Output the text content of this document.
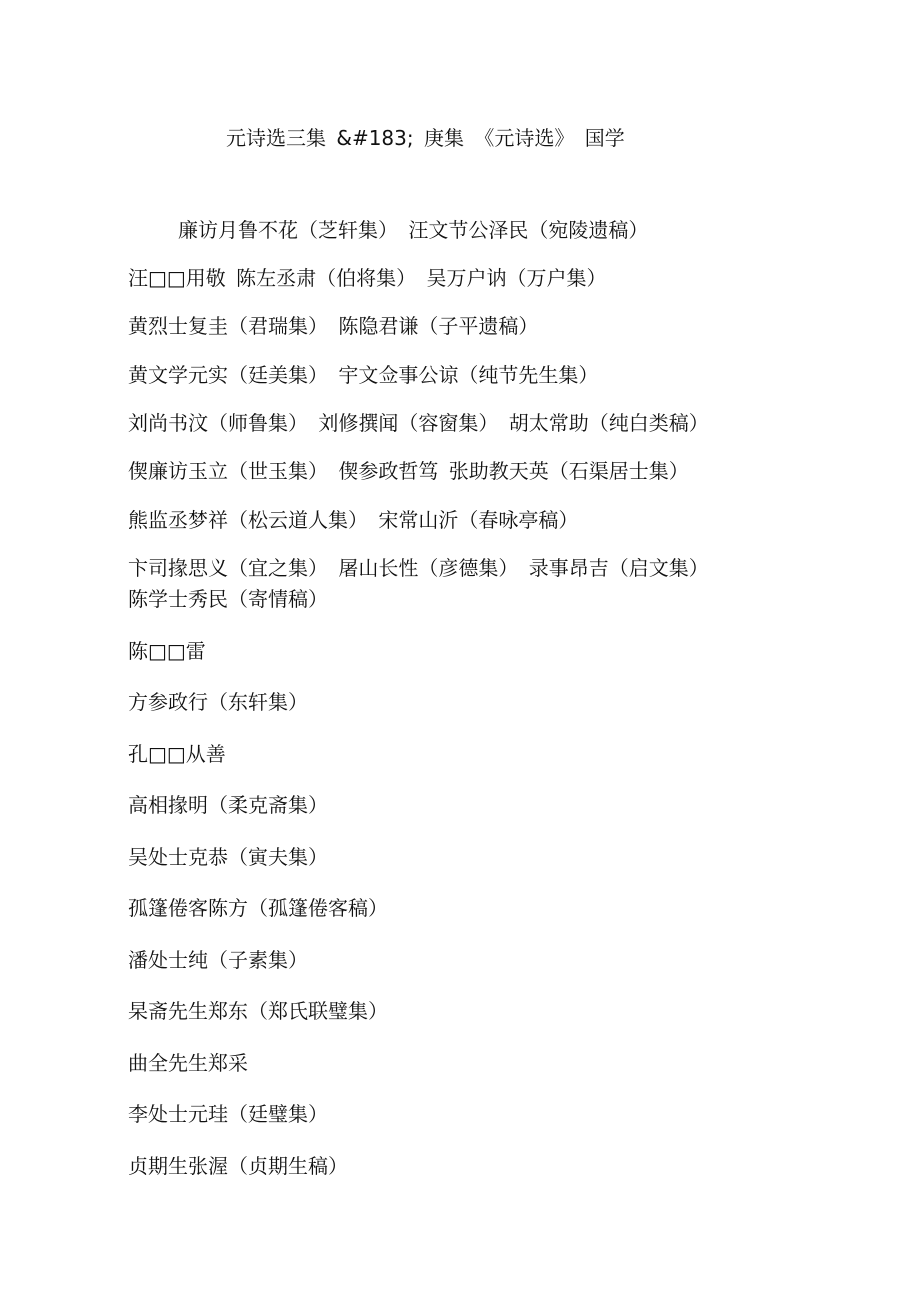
元诗选三集 &#183; 庚集 《元诗选》 国学
廉访月鲁不花（芝轩集） 汪文节公泽民（宛陵遗稿）
汪□□用敬 陈左丞肃（伯将集） 吴万户讷（万户集）
黄烈士复圭（君瑞集） 陈隐君谦（子平遗稿）
黄文学元实（廷美集） 宇文佥事公谅（纯节先生集）
刘尚书汶（师鲁集） 刘修撰闻（容窗集） 胡太常助（纯白类稿）
偰廉访玉立（世玉集） 偰参政哲笃 张助教天英（石渠居士集）
熊监丞梦祥（松云道人集） 宋常山沂（春咏亭稿）
卞司掾思义（宜之集） 屠山长性（彦德集） 录事昂吉（启文集）
陈学士秀民（寄情稿）
陈□□雷
方参政行（东轩集）
孔□□从善
高相掾明（柔克斋集）
吴处士克恭（寅夫集）
孤篷倦客陈方（孤篷倦客稿）
潘处士纯（子素集）
杲斋先生郑东（郑氏联璧集）
曲全先生郑采
李处士元珪（廷璧集）
贞期生张渥（贞期生稿）
